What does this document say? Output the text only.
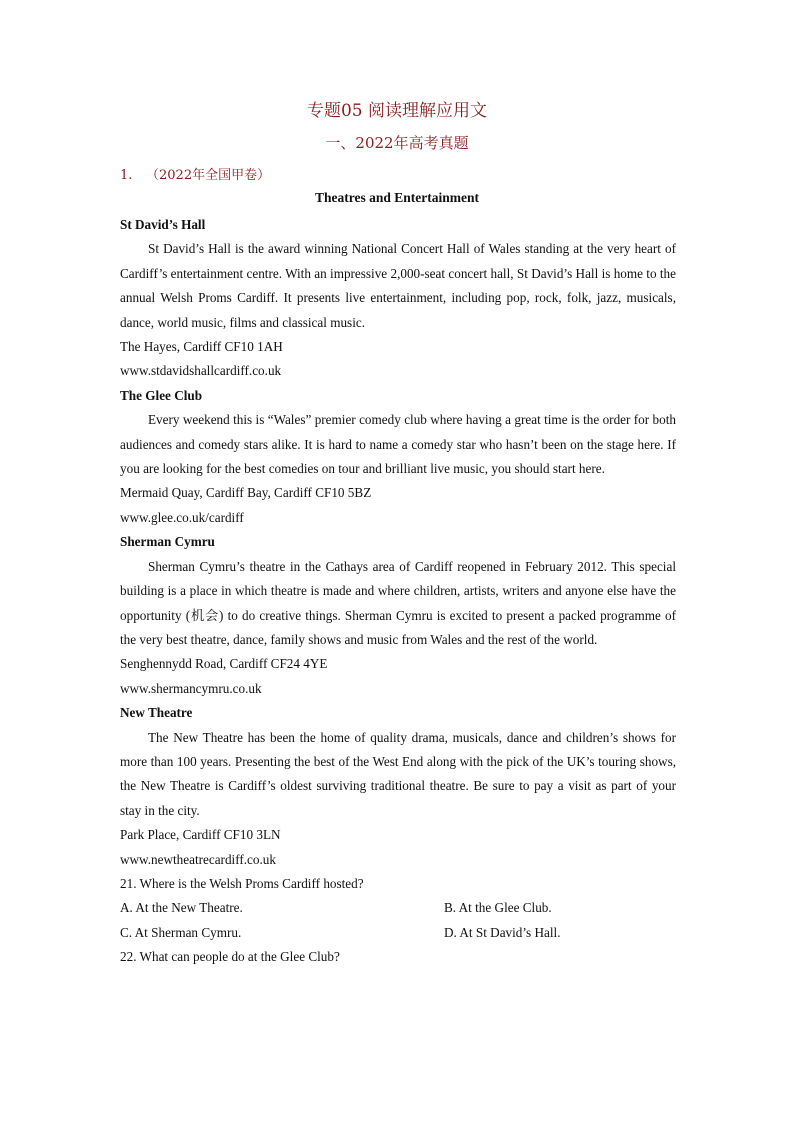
专题05 阅读理解应用文
一、2022年高考真题
1. （2022年全国甲卷）
Theatres and Entertainment

St David’s Hall

St David’s Hall is the award winning National Concert Hall of Wales standing at the very heart of Cardiff’s entertainment centre. With an impressive 2,000-seat concert hall, St David’s Hall is home to the annual Welsh Proms Cardiff. It presents live entertainment, including pop, rock, folk, jazz, musicals, dance, world music, films and classical music.

The Hayes, Cardiff CF10 1AH

www.stdavidshallcardiff.co.uk

The Glee Club

Every weekend this is “Wales” premier comedy club where having a great time is the order for both audiences and comedy stars alike. It is hard to name a comedy star who hasn’t been on the stage here. If you are looking for the best comedies on tour and brilliant live music, you should start here.

Mermaid Quay, Cardiff Bay, Cardiff CF10 5BZ

www.glee.co.uk/cardiff

Sherman Cymru

Sherman Cymru’s theatre in the Cathays area of Cardiff reopened in February 2012. This special building is a place in which theatre is made and where children, artists, writers and anyone else have the opportunity (机会) to do creative things. Sherman Cymru is excited to present a packed programme of the very best theatre, dance, family shows and music from Wales and the rest of the world.

Senghennydd Road, Cardiff CF24 4YE

www.shermancymru.co.uk

New Theatre

The New Theatre has been the home of quality drama, musicals, dance and children’s shows for more than 100 years. Presenting the best of the West End along with the pick of the UK’s touring shows, the New Theatre is Cardiff’s oldest surviving traditional theatre. Be sure to pay a visit as part of your stay in the city.

Park Place, Cardiff CF10 3LN

www.newtheatrecardiff.co.uk

21. Where is the Welsh Proms Cardiff hosted?

A. At the New Theatre.	B. At the Glee Club.
C. At Sherman Cymru.	D. At St David’s Hall.

22. What can people do at the Glee Club?
